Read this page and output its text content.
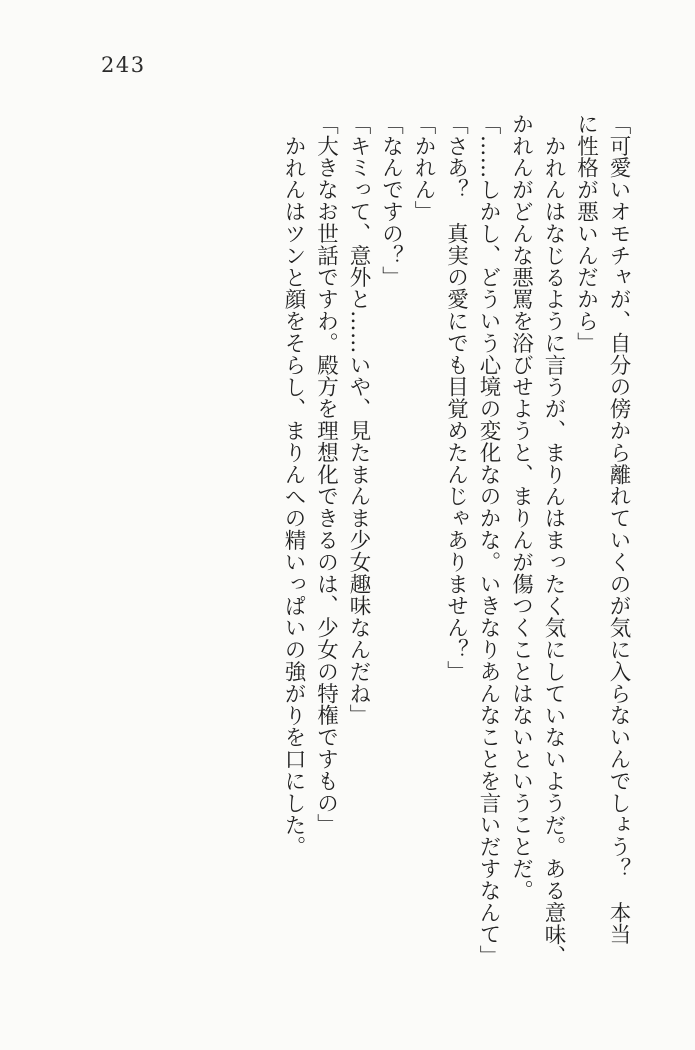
243

「可愛いオモチャが、自分の傍から離れていくのが気に入らないんでしょう？　本当

に性格が悪いんだから」

かれんはなじるように言うが、まりんはまったく気にしていないようだ。ある意味、

かれんがどんな悪罵を浴びせようと、まりんが傷つくことはないということだ。

「……しかし、どういう心境の変化なのかな。いきなりあんなことを言いだすなんて」

「さあ？　真実の愛にでも目覚めたんじゃありません？」

「かれん」

「なんですの？」

「キミって、意外と……いや、見たまんま少女趣味なんだね」

「大きなお世話ですわ。殿方を理想化できるのは、少女の特権ですもの」

かれんはツンと顔をそらし、まりんへの精いっぱいの強がりを口にした。
